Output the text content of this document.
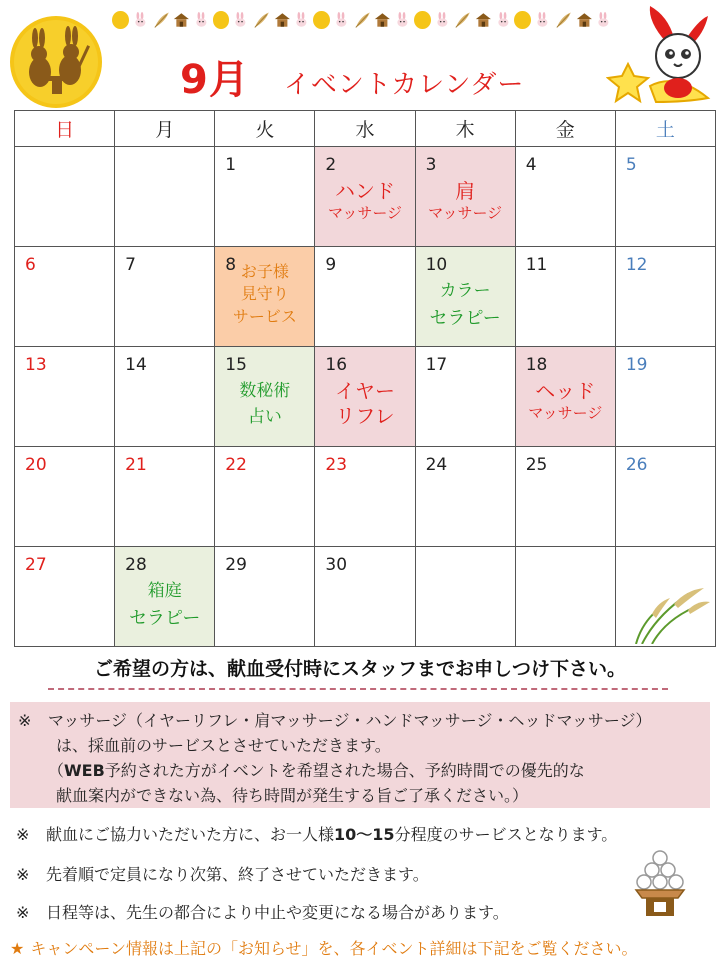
9月 イベントカレンダー
日	月	火	水	木	金	土

		1	2
ハンド
マッサージ	3
肩
マッサージ	4	5

6	7	8 お子様
見守り
サービス	9	10
カラー
セラピー	11	12

13	14	15
数秘術
占い	16
イヤー
リフレ	17	18
ヘッド
マッサージ	19

20	21	22	23	24	25	26

27	28
箱庭
セラピー	29	30			

ご希望の方は、献血受付時にスタッフまでお申しつけ下さい。
※ マッサージ（イヤーリフレ・肩マッサージ・ハンドマッサージ・ヘッドマッサージ）
は、採血前のサービスとさせていただきます。
（WEB予約された方がイベントを希望された場合、予約時間での優先的な
献血案内ができない為、待ち時間が発生する旨ご了承ください。）
※ 献血にご協力いただいた方に、お一人様10〜15分程度のサービスとなります。
※ 先着順で定員になり次第、終了させていただきます。
※ 日程等は、先生の都合により中止や変更になる場合があります。
★ キャンペーン情報は上記の「お知らせ」を、各イベント詳細は下記をご覧ください。
